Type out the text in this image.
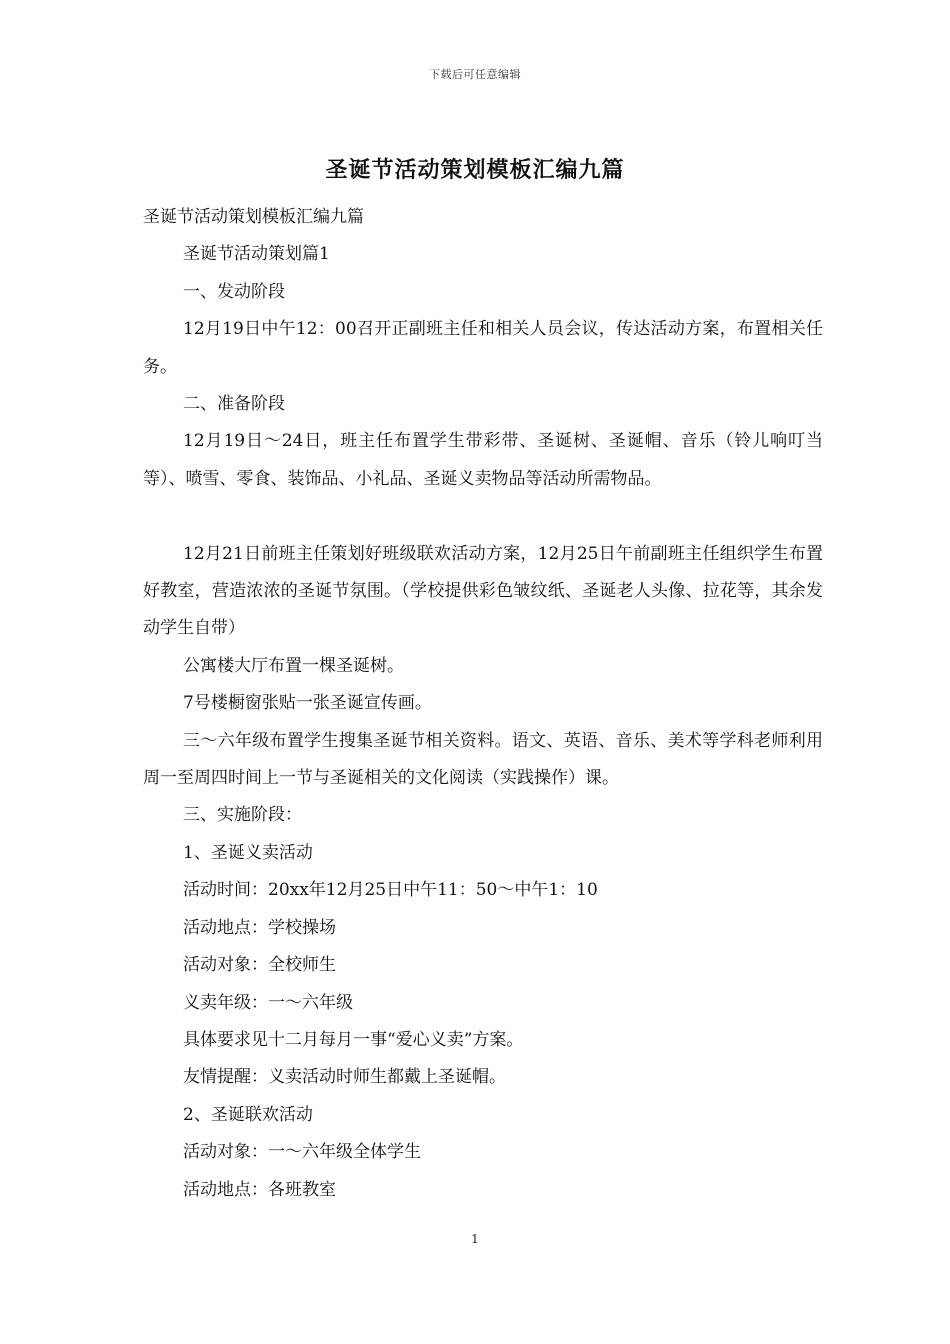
下载后可任意编辑
圣诞节活动策划模板汇编九篇

圣诞节活动策划模板汇编九篇

圣诞节活动策划篇1

一、发动阶段

12月19日中午12：00召开正副班主任和相关人员会议，传达活动方案，布置相关任务。

二、准备阶段

12月19日～24日，班主任布置学生带彩带、圣诞树、圣诞帽、音乐（铃儿响叮当等）、喷雪、零食、装饰品、小礼品、圣诞义卖物品等活动所需物品。

12月21日前班主任策划好班级联欢活动方案，12月25日午前副班主任组织学生布置好教室，营造浓浓的圣诞节氛围。（学校提供彩色皱纹纸、圣诞老人头像、拉花等，其余发动学生自带）

公寓楼大厅布置一棵圣诞树。

7号楼橱窗张贴一张圣诞宣传画。

三～六年级布置学生搜集圣诞节相关资料。语文、英语、音乐、美术等学科老师利用周一至周四时间上一节与圣诞相关的文化阅读（实践操作）课。

三、实施阶段：

1、圣诞义卖活动

活动时间：20xx年12月25日中午11：50～中午1：10

活动地点：学校操场

活动对象：全校师生

义卖年级：一～六年级

具体要求见十二月每月一事“爱心义卖”方案。

友情提醒：义卖活动时师生都戴上圣诞帽。

2、圣诞联欢活动

活动对象：一～六年级全体学生

活动地点：各班教室

1
